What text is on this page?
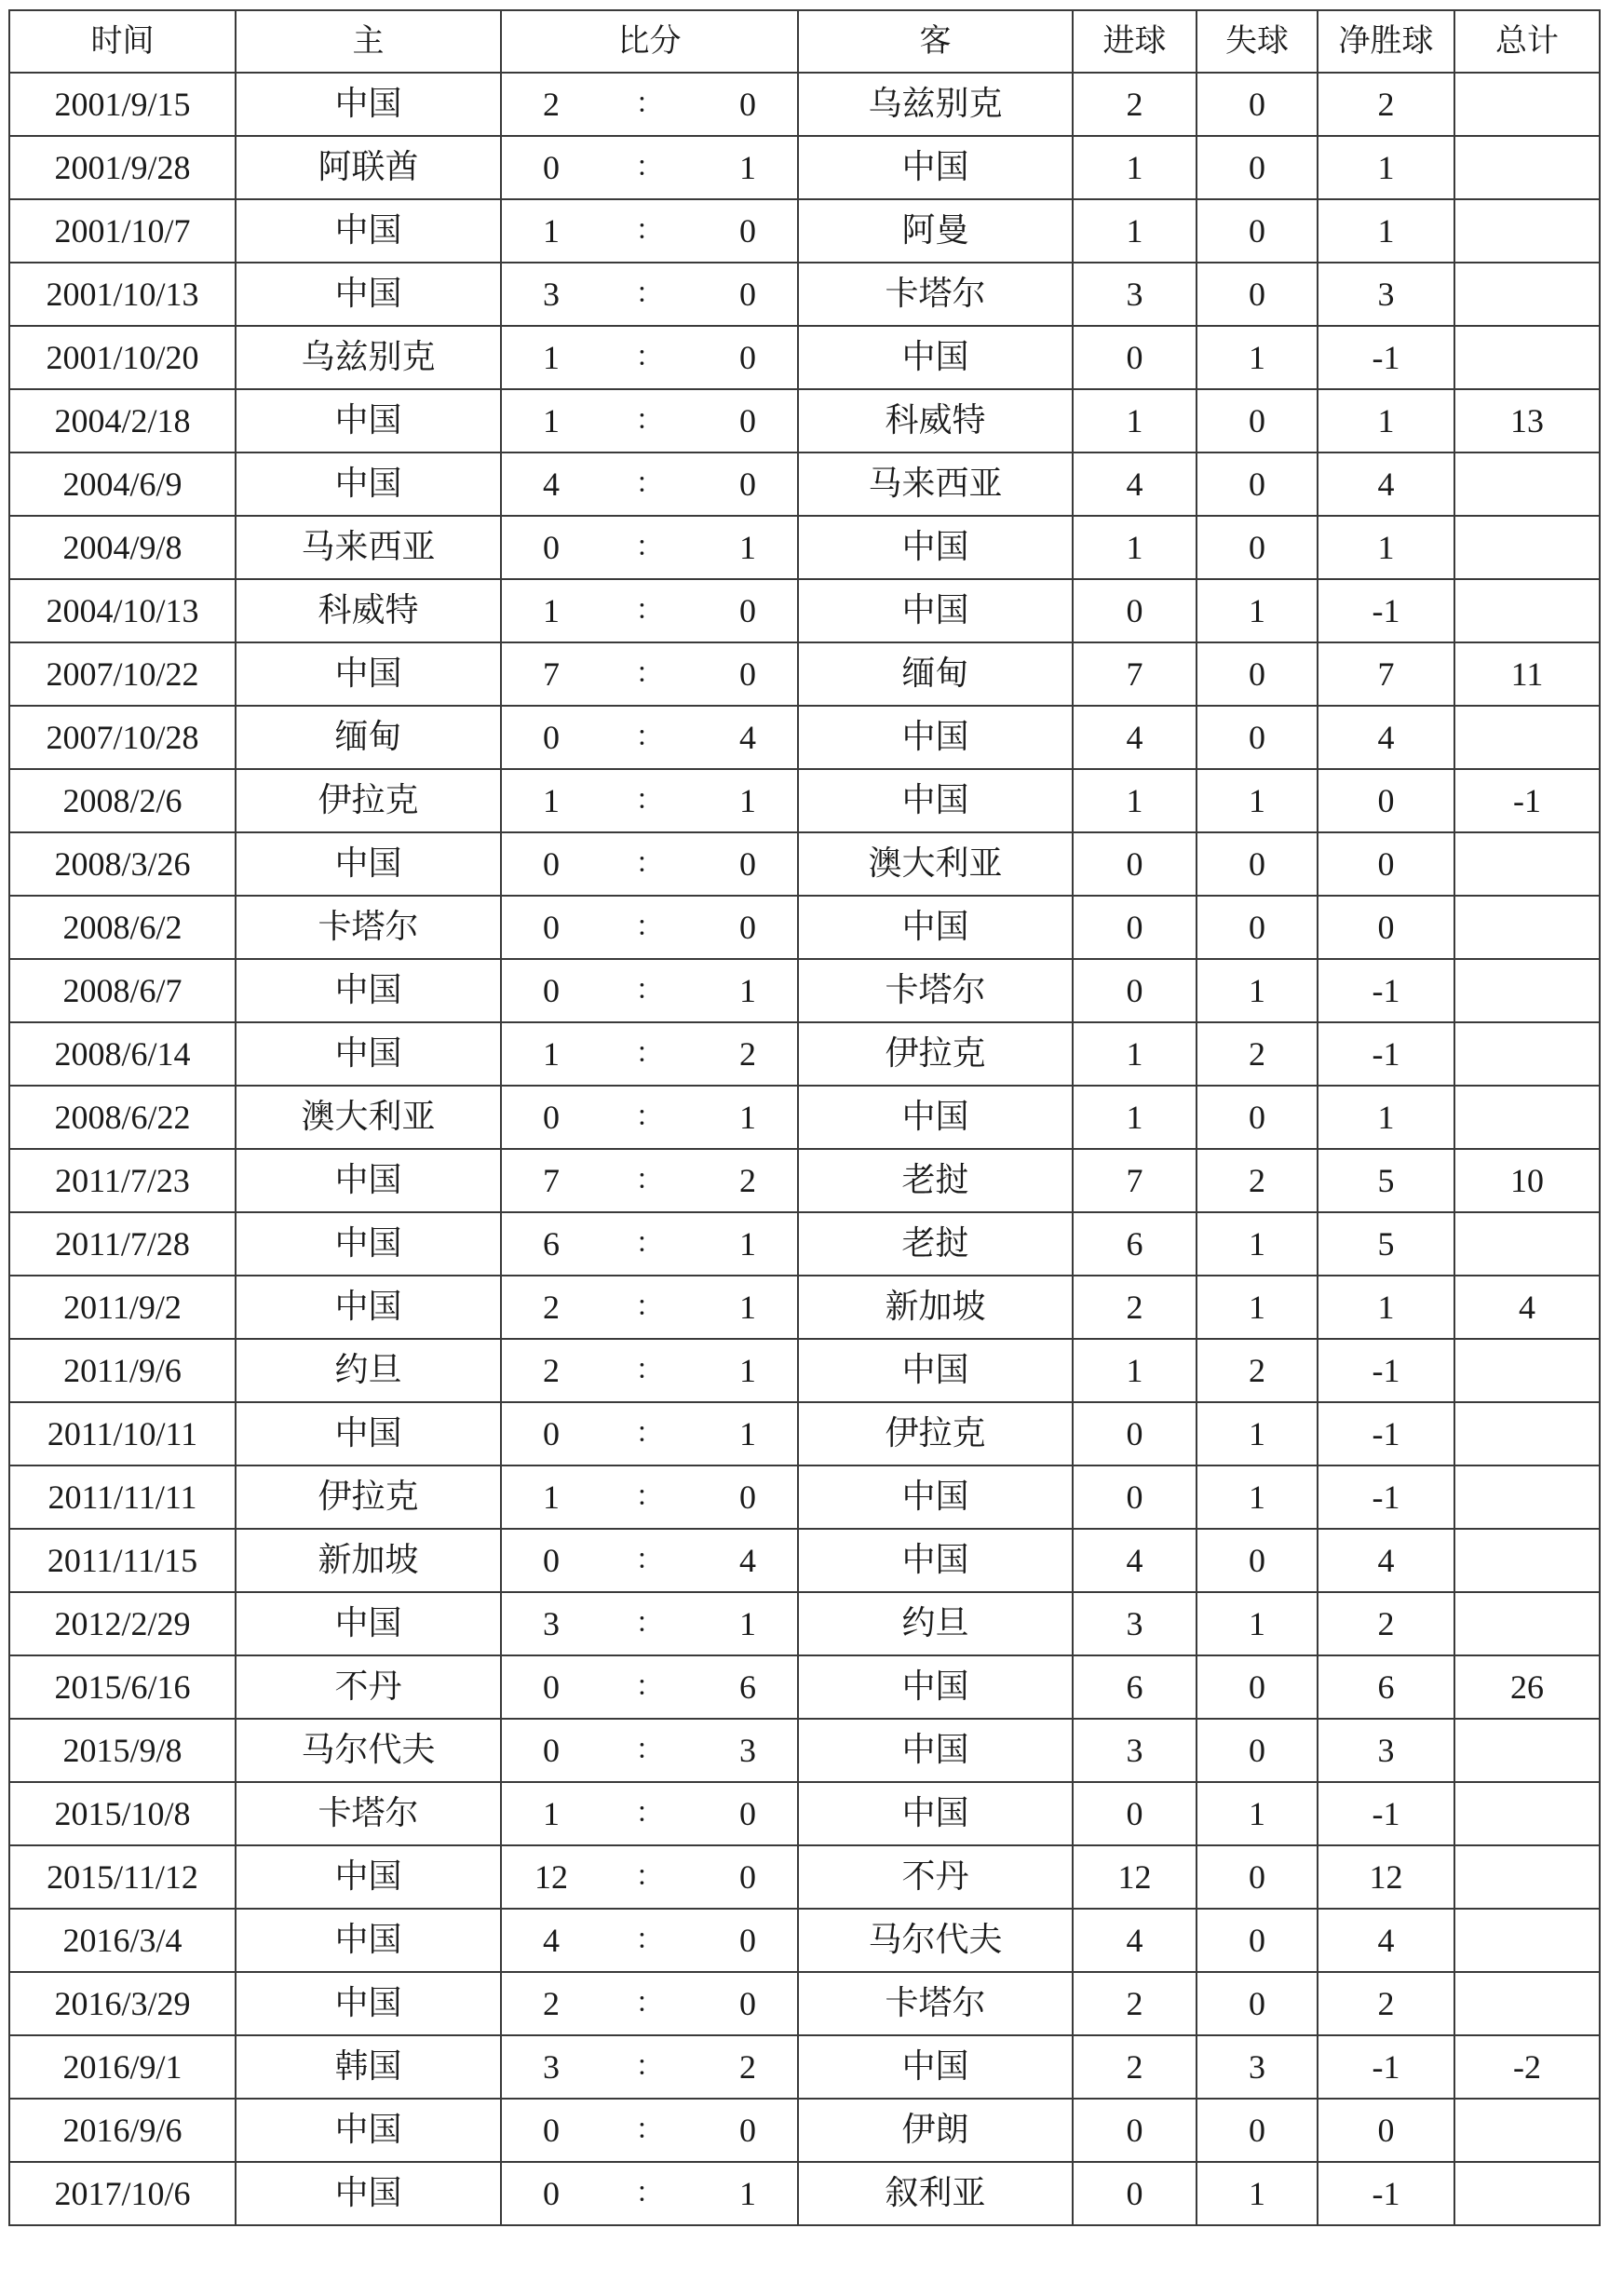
时间	主	比分			客	进球	失球	净胜球	总计
2001/9/15	中国	2	：	0	乌兹别克	2	0	2	
2001/9/28	阿联酋	0	：	1	中国	1	0	1	
2001/10/7	中国	1	：	0	阿曼	1	0	1	
2001/10/13	中国	3	：	0	卡塔尔	3	0	3	
2001/10/20	乌兹别克	1	：	0	中国	0	1	-1	
2004/2/18	中国	1	：	0	科威特	1	0	1	13
2004/6/9	中国	4	：	0	马来西亚	4	0	4	
2004/9/8	马来西亚	0	：	1	中国	1	0	1	
2004/10/13	科威特	1	：	0	中国	0	1	-1	
2007/10/22	中国	7	：	0	缅甸	7	0	7	11
2007/10/28	缅甸	0	：	4	中国	4	0	4	
2008/2/6	伊拉克	1	：	1	中国	1	1	0	-1
2008/3/26	中国	0	：	0	澳大利亚	0	0	0	
2008/6/2	卡塔尔	0	：	0	中国	0	0	0	
2008/6/7	中国	0	：	1	卡塔尔	0	1	-1	
2008/6/14	中国	1	：	2	伊拉克	1	2	-1	
2008/6/22	澳大利亚	0	：	1	中国	1	0	1	
2011/7/23	中国	7	：	2	老挝	7	2	5	10
2011/7/28	中国	6	：	1	老挝	6	1	5	
2011/9/2	中国	2	：	1	新加坡	2	1	1	4
2011/9/6	约旦	2	：	1	中国	1	2	-1	
2011/10/11	中国	0	：	1	伊拉克	0	1	-1	
2011/11/11	伊拉克	1	：	0	中国	0	1	-1	
2011/11/15	新加坡	0	：	4	中国	4	0	4	
2012/2/29	中国	3	：	1	约旦	3	1	2	
2015/6/16	不丹	0	：	6	中国	6	0	6	26
2015/9/8	马尔代夫	0	：	3	中国	3	0	3	
2015/10/8	卡塔尔	1	：	0	中国	0	1	-1	
2015/11/12	中国	12	：	0	不丹	12	0	12	
2016/3/4	中国	4	：	0	马尔代夫	4	0	4	
2016/3/29	中国	2	：	0	卡塔尔	2	0	2	
2016/9/1	韩国	3	：	2	中国	2	3	-1	-2
2016/9/6	中国	0	：	0	伊朗	0	0	0	
2017/10/6	中国	0	：	1	叙利亚	0	1	-1	
